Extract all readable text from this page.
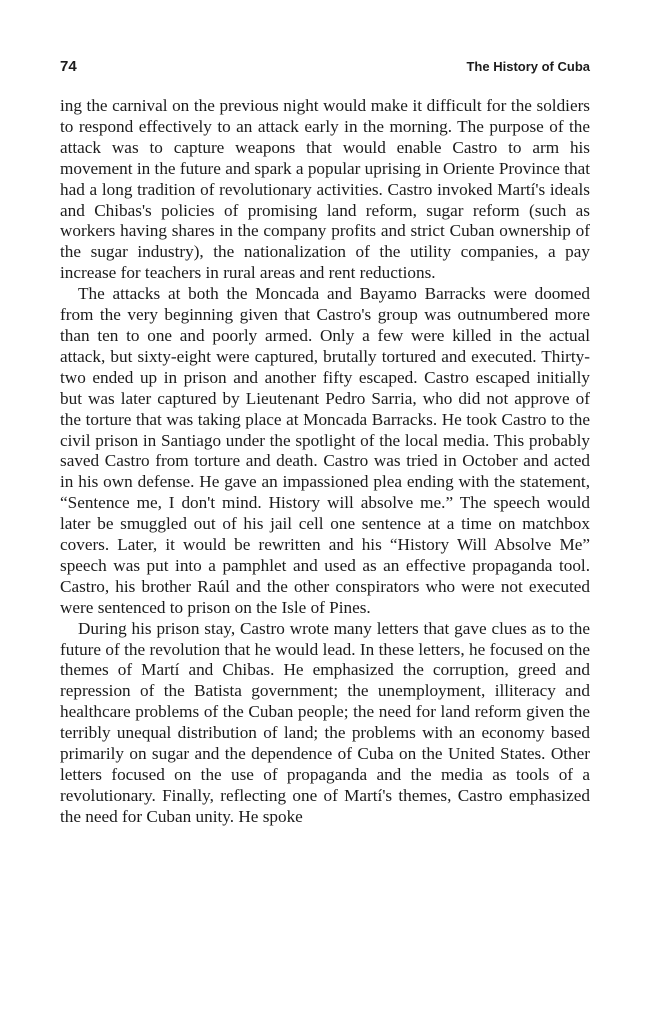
74	The History of Cuba

ing the carnival on the previous night would make it difficult for the soldiers to respond effectively to an attack early in the morning. The purpose of the attack was to capture weapons that would enable Castro to arm his movement in the future and spark a popular uprising in Oriente Province that had a long tradition of revolutionary activities. Castro invoked Martí's ideals and Chibas's policies of promising land reform, sugar reform (such as workers having shares in the company profits and strict Cuban ownership of the sugar industry), the nationalization of the utility companies, a pay increase for teachers in rural areas and rent reductions.

The attacks at both the Moncada and Bayamo Barracks were doomed from the very beginning given that Castro's group was outnumbered more than ten to one and poorly armed. Only a few were killed in the actual attack, but sixty-eight were captured, brutally tortured and executed. Thirty-two ended up in prison and another fifty escaped. Castro escaped initially but was later captured by Lieutenant Pedro Sarria, who did not approve of the torture that was taking place at Moncada Barracks. He took Castro to the civil prison in Santiago under the spotlight of the local media. This probably saved Castro from torture and death. Castro was tried in October and acted in his own defense. He gave an impassioned plea ending with the statement, “Sentence me, I don't mind. History will absolve me.” The speech would later be smuggled out of his jail cell one sentence at a time on matchbox covers. Later, it would be rewritten and his “History Will Absolve Me” speech was put into a pamphlet and used as an effective propaganda tool. Castro, his brother Raúl and the other conspirators who were not executed were sentenced to prison on the Isle of Pines.

During his prison stay, Castro wrote many letters that gave clues as to the future of the revolution that he would lead. In these letters, he focused on the themes of Martí and Chibas. He emphasized the corruption, greed and repression of the Batista government; the unemployment, illiteracy and healthcare problems of the Cuban people; the need for land reform given the terribly unequal distribution of land; the problems with an economy based primarily on sugar and the dependence of Cuba on the United States. Other letters focused on the use of propaganda and the media as tools of a revolutionary. Finally, reflecting one of Martí's themes, Castro emphasized the need for Cuban unity. He spoke
